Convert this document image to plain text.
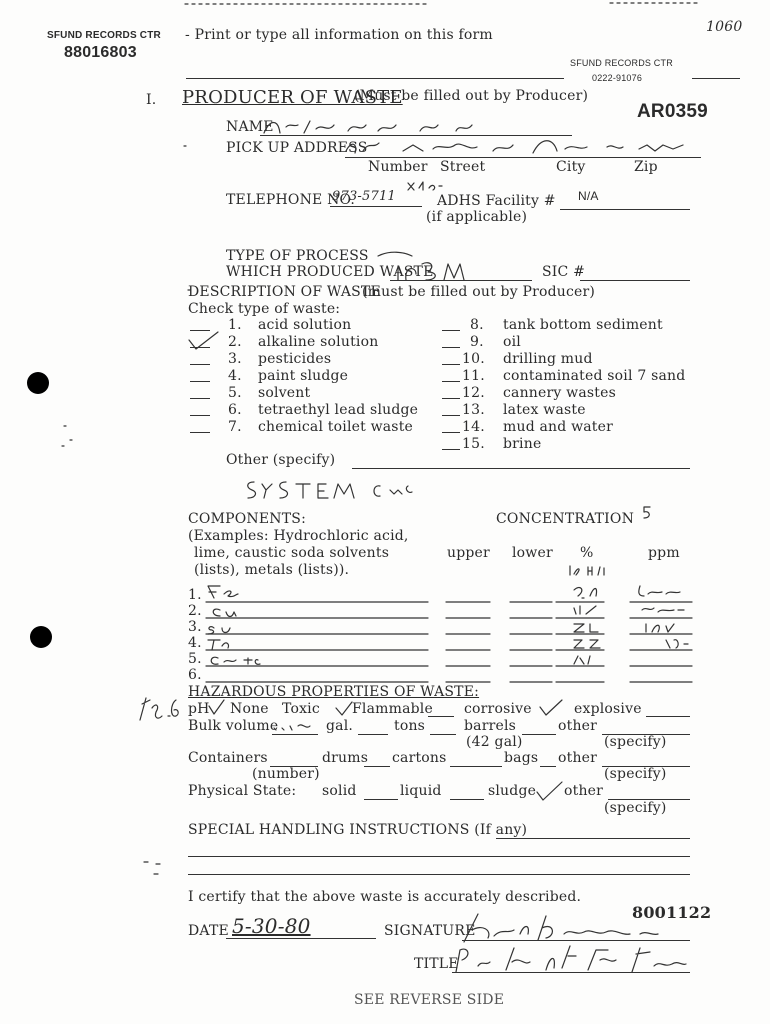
SFUND RECORDS CTR
88016803
SFUND RECORDS CTR
0222-91076
AR0359
- Print or type all information on this form	1060
I. PRODUCER OF WASTE
(Must be filled out by Producer)
NAME
PICK UP ADDRESS
Number Street	City	Zip
TELEPHONE NO.
973-5711	ADHS Facility # N/A
(if applicable)
TYPE OF PROCESS
WHICH PRODUCED WASTE	SIC #
DESCRIPTION OF WASTE
(must be filled out by Producer)
Check type of waste:
1. acid solution
2. alkaline solution
3. pesticides
4. paint sludge
5. solvent
6. tetraethyl lead sludge
7. chemical toilet waste
8. tank bottom sediment
9. oil
10. drilling mud
11. contaminated soil 7 sand
12. cannery wastes
13. latex waste
14. mud and water
15. brine
Other (specify)
COMPONENTS:	CONCENTRATION
(Examples: Hydrochloric acid,
lime, caustic soda solvents
(lists), metals (lists)).
upper lower %	ppm
1.
2.
3.
4.
5.
6.
HAZARDOUS PROPERTIES OF WASTE:
pH None Toxic Flammable corrosive	explosive
Bulk volume	gal.	tons	barrels	other
(42 gal)	(specify)
Containers	drums cartons	bags other
(number)	(specify)
Physical State: solid	liquid	sludge other
(specify)
SPECIAL HANDLING INSTRUCTIONS (If any)
I certify that the above waste is accurately described.
8001122
DATE 5-30-80	SIGNATURE
TITLE
SEE REVERSE SIDE
